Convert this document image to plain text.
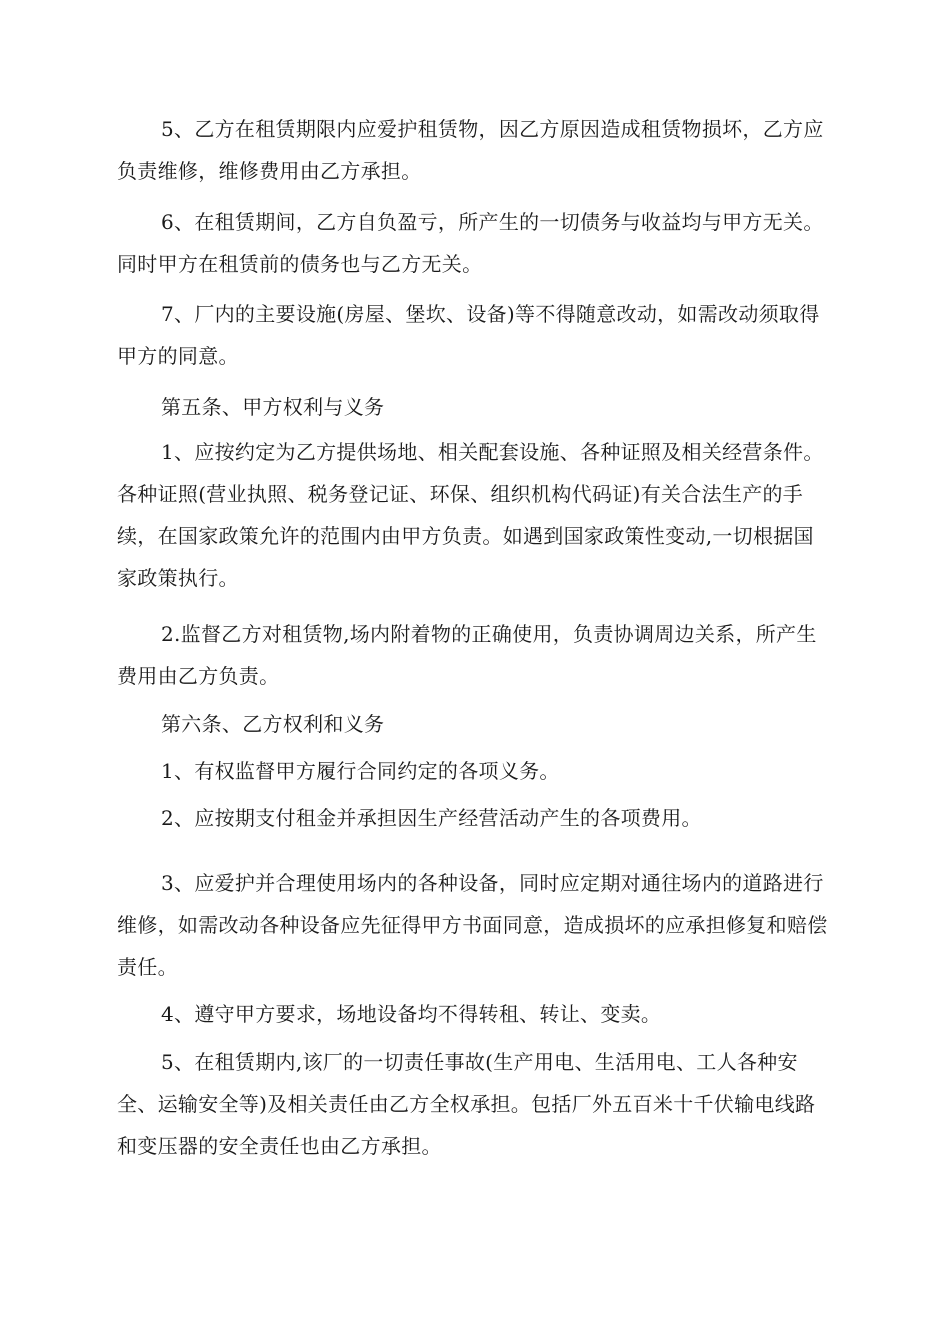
5、乙方在租赁期限内应爱护租赁物，因乙方原因造成租赁物损坏，乙方应负责维修，维修费用由乙方承担。

6、在租赁期间，乙方自负盈亏，所产生的一切债务与收益均与甲方无关。同时甲方在租赁前的债务也与乙方无关。

7、厂内的主要设施(房屋、堡坎、设备)等不得随意改动，如需改动须取得甲方的同意。

第五条、甲方权利与义务

1、应按约定为乙方提供场地、相关配套设施、各种证照及相关经营条件。各种证照(营业执照、税务登记证、环保、组织机构代码证)有关合法生产的手续，在国家政策允许的范围内由甲方负责。如遇到国家政策性变动,一切根据国家政策执行。

2.监督乙方对租赁物,场内附着物的正确使用，负责协调周边关系，所产生费用由乙方负责。

第六条、乙方权利和义务

1、有权监督甲方履行合同约定的各项义务。

2、应按期支付租金并承担因生产经营活动产生的各项费用。

3、应爱护并合理使用场内的各种设备，同时应定期对通往场内的道路进行维修，如需改动各种设备应先征得甲方书面同意，造成损坏的应承担修复和赔偿责任。

4、遵守甲方要求，场地设备均不得转租、转让、变卖。

5、在租赁期内,该厂的一切责任事故(生产用电、生活用电、工人各种安全、运输安全等)及相关责任由乙方全权承担。包括厂外五百米十千伏输电线路和变压器的安全责任也由乙方承担。
